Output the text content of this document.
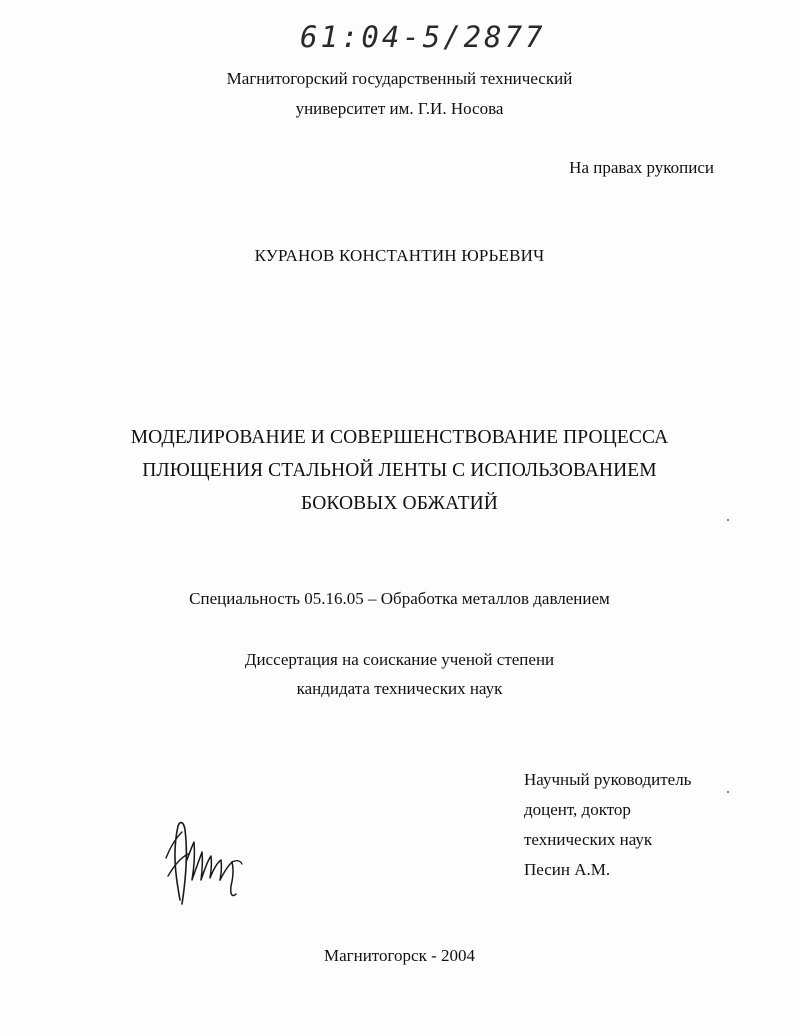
61:04-5/2877
Магнитогорский государственный технический
университет им. Г.И. Носова
На правах рукописи
КУРАНОВ КОНСТАНТИН ЮРЬЕВИЧ
МОДЕЛИРОВАНИЕ И СОВЕРШЕНСТВОВАНИЕ ПРОЦЕССА
ПЛЮЩЕНИЯ СТАЛЬНОЙ ЛЕНТЫ С ИСПОЛЬЗОВАНИЕМ
БОКОВЫХ ОБЖАТИЙ
Специальность 05.16.05 – Обработка металлов давлением
Диссертация на соискание ученой степени
кандидата технических наук
Научный руководитель
доцент, доктор
технических наук
Песин А.М.
Магнитогорск - 2004
